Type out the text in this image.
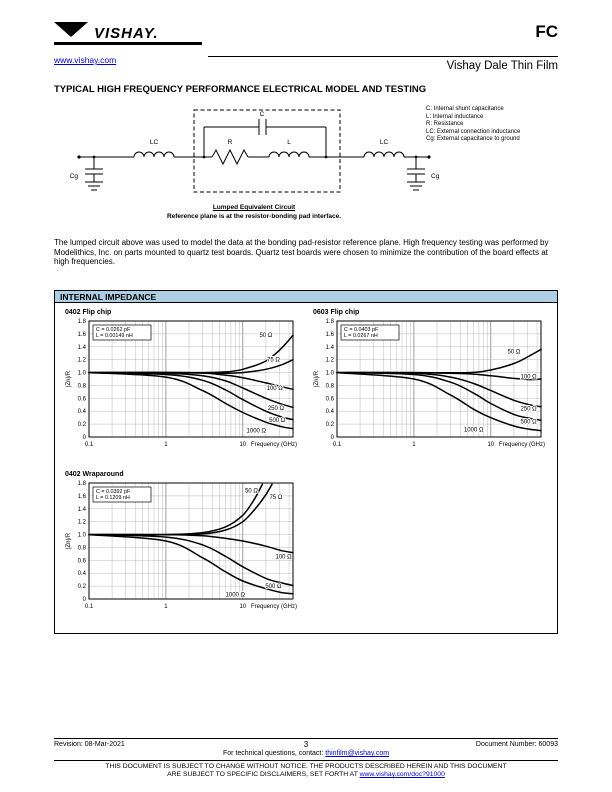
VISHAY.
www.vishay.com
FC
Vishay Dale Thin Film
TYPICAL HIGH FREQUENCY PERFORMANCE ELECTRICAL MODEL AND TESTING
LC
C
R	L	LC
Cg	Cg
C: Internal shunt capacitance
L: Internal inductance
R: Resistance
LC: External connection inductance
Cg: External capacitance to ground
Lumped Equivalent Circuit
Reference plane is at the resistor-bonding pad interface.
The lumped circuit above was used to model the data at the bonding pad-resistor reference plane. High frequency testing was performed by Modelithics, Inc. on parts mounted to quartz test boards. Quartz test boards were chosen to minimize the contribution of the board effects at high frequencies.
INTERNAL IMPEDANCE
0402 Flip chip
0
0.2
0.4
0.6
0.8
1.0
1.2
1.4
1.6
1.8
0.1	1	10
50 Ω
75 Ω
100 Ω
250 Ω
500 Ω
1000 Ω
C = 0.0262 pF
L = 0.00149 nH
|Zn|/R
Frequency (GHz)
0603 Flip chip
0
0.2
0.4
0.6
0.8
1.0
1.2
1.4
1.6
1.8
0.1	1	10
50 Ω
100 Ω
250 Ω
500 Ω
1000 Ω
C = 0.0403 pF
L = 0.0267 nH
|Zn|/R
Frequency (GHz)
0402 Wraparound
0
0.2
0.4
0.6
0.8
1.0
1.2
1.4
1.6
1.8
0.1	1	10
50 Ω
75 Ω
100 Ω
500 Ω
1000 Ω
C = 0.0392 pF
L = 0.1209 nH
|Zn|/R
Frequency (GHz)
Revision: 08-Mar-2021	3	Document Number: 60093
For technical questions, contact: thinfilm@vishay.com
THIS DOCUMENT IS SUBJECT TO CHANGE WITHOUT NOTICE. THE PRODUCTS DESCRIBED HEREIN AND THIS DOCUMENT
ARE SUBJECT TO SPECIFIC DISCLAIMERS, SET FORTH AT www.vishay.com/doc?91000
